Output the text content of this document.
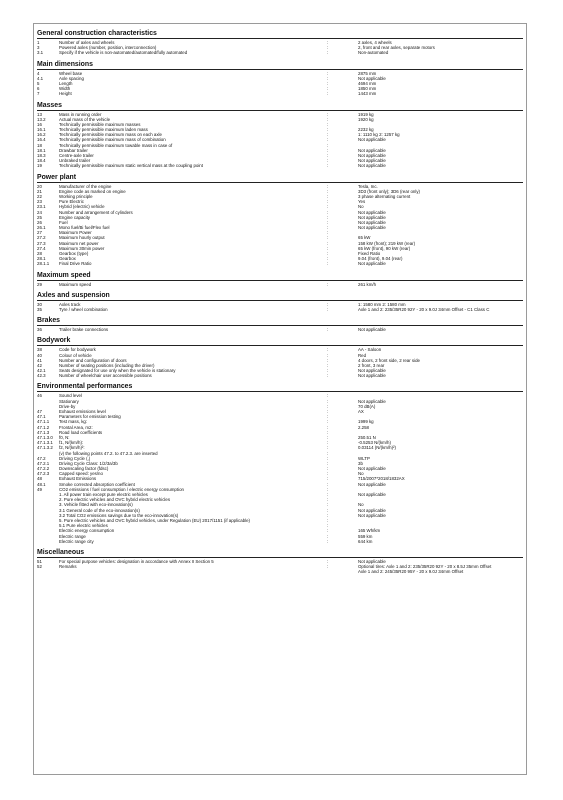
General construction characteristics
1	Number of axles and wheels	:	2 axles, 4 wheels
3	Powered axles (number, position, interconnection)	:	2, front and rear axles, separate motors
3.1	Specify if the vehicle is non-automated/automated/fully automated	:	Non-automated
Main dimensions
4	Wheel base	:	2875 mm
4.1	Axle spacing	:	Not applicable
5	Length	:	4694 mm
6	Width	:	1850 mm
7	Height	:	1443 mm
Masses
13	Mass in running order	:	1919 kg
13.2	Actual mass of the vehicle	:	1920 kg
16	Technically permissible maximum masses	:
16.1	Technically permissible maximum laden mass	:	2232 kg
16.2	Technically permissible maximum mass on each axle	:	1: 1110 kg 2: 1257 kg
16.4	Technically permissible maximum mass of combination	:	Not applicable
18	Technically permissible maximum towable mass in case of	:
18.1	Drawbar trailer	:	Not applicable
18.3	Centre-axle trailer	:	Not applicable
18.4	Unbraked trailer	:	Not applicable
19	Technically permissible maximum static vertical mass at the coupling point	:	Not applicable
Power plant
20	Manufacturer of the engine	:	Tesla, Inc.
21	Engine code as marked on engine	:	3D3 (front only); 3D6 (rear only)
22	Working principle	:	3 phase alternating current
23	Pure Electric	:	Yes
23.1	Hybrid (electric) vehicle	:	No
24	Number and arrangement of cylinders	:	Not applicable
25	Engine capacity	:	Not applicable
26	Fuel	:	Not applicable
26.1	Mono fuel/Bi fuel/Flex fuel	:	Not applicable
27	Maximum Power	:
27.2	Maximum hourly output	:	65 kW
27.3	Maximum net power	:	158 kW (front); 219 kW (rear)
27.4	Maximum 30min power	:	65 kW (front), 90 kW (rear)
28	Gearbox (type)	:	Fixed Ratio
28.1	Gearbox	:	9.04 (front), 9.04 (rear)
28.1.1	Final Drive Ratio	:	Not applicable
Maximum speed
29	Maximum speed	:	261 km/h
Axles and suspension
30	Axles track	:	1: 1580 mm 2: 1580 mm
35	Tyre / wheel combination	:	Axle 1 and 2: 235/35R20 92Y - 20 x 9.0J 34mm Offset - C1 Class C
Brakes
36	Trailer brake connections	:	Not applicable
Bodywork
38	Code for bodywork	:	AA - Saloon
40	Colour of vehicle	:	Red
41	Number and configuration of doors	:	4 doors, 2 front side, 2 rear side
42	Number of seating positions (including the driver)	:	2 front, 3 rear
42.1	Seats designated for use only when the vehicle is stationary	:	Not applicable
42.3	Number of wheelchair user accessible positions	:	Not applicable
Environmental performances
46	Sound level	:
Stationary	:	Not applicable
Drive-by	:	70 dB(A)
47	Exhaust emissions level	:	AX
47.1	Parameters for emission testing	:
47.1.1	Test mass, kg:	:	1999 kg
47.1.2	Frontal Area, m2:	:	2.258
47.1.3	Road load coefficients	:
47.1.3.0	f0, N:	:	250.51 N
47.1.3.1	f1, N/(km/h):	:	-0.5253 N/(km/h)
47.1.3.2	f2, N/(km/h)²:	:	0.03114 (N/(km/h)²)
(v) the following points 47.2. to 47.2.3. are inserted	:
47.2	Driving Cycle (,)	:	WLTP
47.2.1	Driving Cycle Class: 1/2/3a/3b	:	3b
47.2.2	Downscaling factor (fdsc)	:	Not applicable
47.2.3	Capped speed: yes/no	:	No
48	Exhaust Emissions	:	715/2007*2018/1832AX
48.1	Smoke corrected absorption coefficient	:	Not applicable
49	CO2 emissions / fuel consumption / electric energy consumption	:
1. All power train except pure electric vehicles	:	Not applicable
2. Pure electric vehicles and OVC hybrid electric vehicles	:
3. Vehicle fitted with eco-innovation(s)	:	No
3.1 General code of the eco-innovation(s)	:	Not applicable
3.2 Total CO2 emissions savings due to the eco-innovation(s)	:	Not applicable
5. Pure electric vehicles and OVC hybrid vehicles, under Regulation (EU) 2017/1151 (if applicable)	:
5.1 Pure electric vehicles	:
Electric energy consumption	:	165 Wh/km
Electric range	:	559 km
Electric range city	:	644 km
Miscellaneous
51	For special purpose vehicles: designation in accordance with Annex II Section 5	:	Not applicable
52	Remarks	:	Optional tires: Axle 1 and 2: 235/35R20 92Y - 20 x 8.5J 35mm Offset
Axle 1 and 2: 245/35R20 95Y - 20 x 9.0J 34mm Offset
